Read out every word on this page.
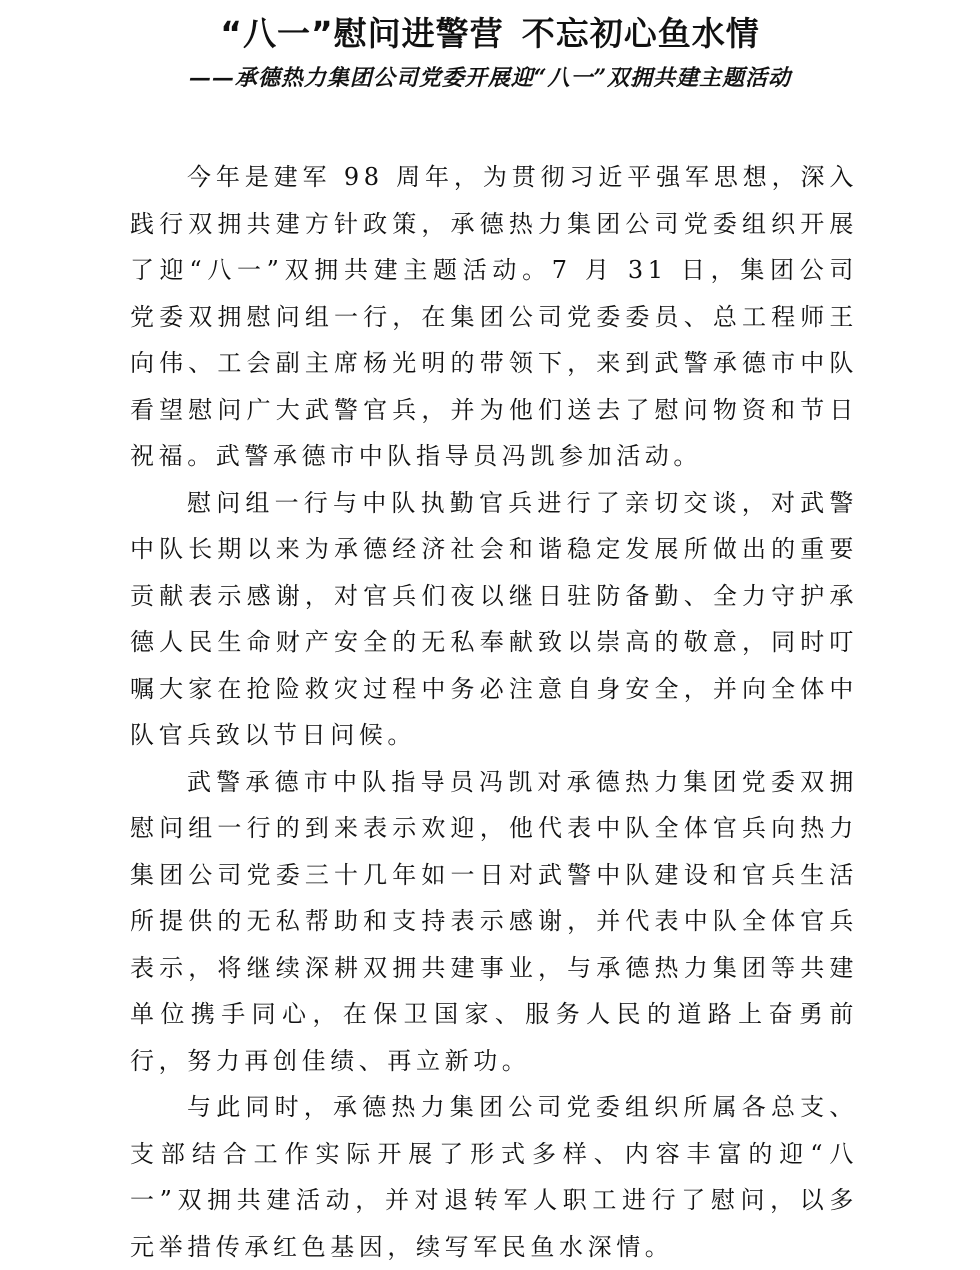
“八一”慰问进警营 不忘初心鱼水情
——承德热力集团公司党委开展迎“八一”双拥共建主题活动

今年是建军 98 周年，为贯彻习近平强军思想，深入践行双拥共建方针政策，承德热力集团公司党委组织开展了迎“八一”双拥共建主题活动。7 月 31 日，集团公司党委双拥慰问组一行，在集团公司党委委员、总工程师王向伟、工会副主席杨光明的带领下，来到武警承德市中队看望慰问广大武警官兵，并为他们送去了慰问物资和节日祝福。武警承德市中队指导员冯凯参加活动。

慰问组一行与中队执勤官兵进行了亲切交谈，对武警中队长期以来为承德经济社会和谐稳定发展所做出的重要贡献表示感谢，对官兵们夜以继日驻防备勤、全力守护承德人民生命财产安全的无私奉献致以崇高的敬意，同时叮嘱大家在抢险救灾过程中务必注意自身安全，并向全体中队官兵致以节日问候。

武警承德市中队指导员冯凯对承德热力集团党委双拥慰问组一行的到来表示欢迎，他代表中队全体官兵向热力集团公司党委三十几年如一日对武警中队建设和官兵生活所提供的无私帮助和支持表示感谢，并代表中队全体官兵表示，将继续深耕双拥共建事业，与承德热力集团等共建单位携手同心，在保卫国家、服务人民的道路上奋勇前行，努力再创佳绩、再立新功。

与此同时，承德热力集团公司党委组织所属各总支、支部结合工作实际开展了形式多样、内容丰富的迎“八一”双拥共建活动，并对退转军人职工进行了慰问，以多元举措传承红色基因，续写军民鱼水深情。
